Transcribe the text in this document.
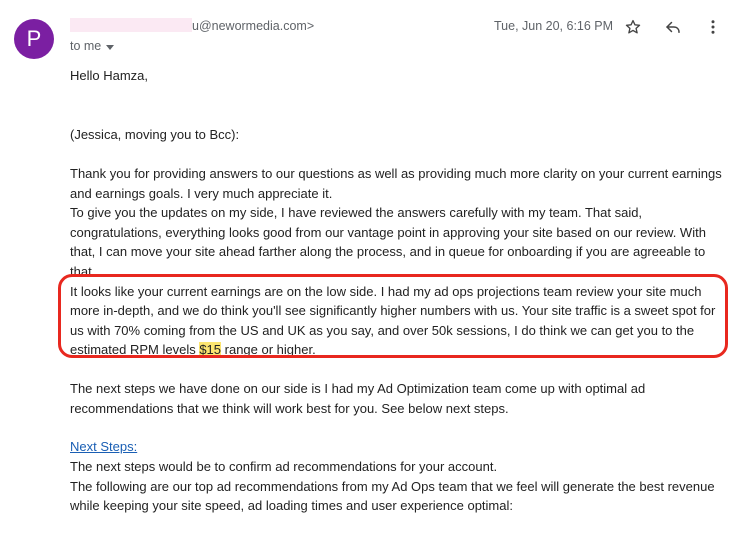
P	u@newormedia.com>
to me
Tue, Jun 20, 6:16 PM

Hello Hamza,

(Jessica, moving you to Bcc):

Thank you for providing answers to our questions as well as providing much more clarity on your current earnings

and earnings goals. I very much appreciate it.

To give you the updates on my side, I have reviewed the answers carefully with my team. That said, congratulations, everything looks good from our vantage point in approving your site based on our review. With that, I can move your site ahead farther along the process, and in queue for onboarding if you are agreeable to that.

It looks like your current earnings are on the low side. I had my ad ops projections team review your site much more in-depth, and we do think you'll see significantly higher numbers with us. Your site traffic is a sweet spot for us with 70% coming from the US and UK as you say, and over 50k sessions, I do think we can get you to the estimated RPM levels $15 range or higher.

The next steps we have done on our side is I had my Ad Optimization team come up with optimal ad recommendations that we think will work best for you. See below next steps.

Next Steps:

The next steps would be to confirm ad recommendations for your account.

The following are our top ad recommendations from my Ad Ops team that we feel will generate the best revenue while keeping your site speed, ad loading times and user experience optimal:
